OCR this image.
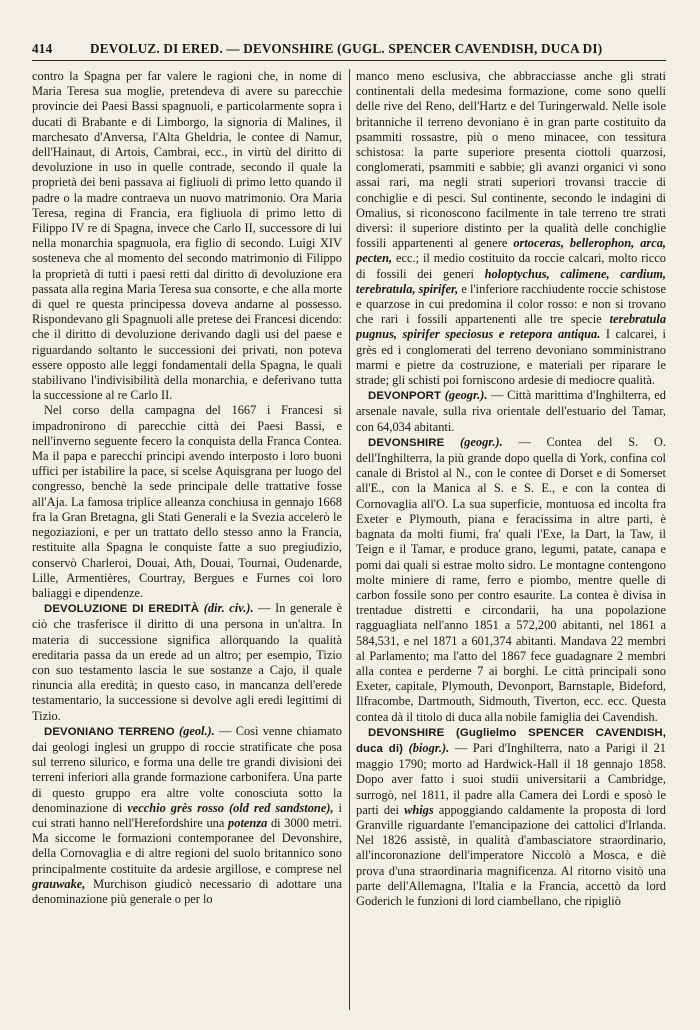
414	DEVOLUZ. DI ERED. — DEVONSHIRE (GUGL. SPENCER CAVENDISH, DUCA DI)

contro la Spagna per far valere le ragioni che, in nome di Maria Teresa sua moglie, pretendeva di avere su parecchie provincie dei Paesi Bassi spagnuoli, e particolarmente sopra i ducati di Brabante e di Limborgo, la signoria di Malines, il marchesato d'Anversa, l'Alta Gheldria, le contee di Namur, dell'Hainaut, di Artois, Cambrai, ecc., in virtù del diritto di devoluzione in uso in quelle contrade, secondo il quale la proprietà dei beni passava ai figliuoli di primo letto quando il padre o la madre contraeva un nuovo matrimonio. Ora Maria Teresa, regina di Francia, era figliuola di primo letto di Filippo IV re di Spagna, invece che Carlo II, successore di lui nella monarchia spagnuola, era figlio di secondo. Luigi XIV sosteneva che al momento del secondo matrimonio di Filippo la proprietà di tutti i paesi retti dal diritto di devoluzione era passata alla regina Maria Teresa sua consorte, e che alla morte di quel re questa principessa doveva andarne al possesso. Rispondevano gli Spagnuoli alle pretese dei Francesi dicendo: che il diritto di devoluzione derivando dagli usi del paese e riguardando soltanto le successioni dei privati, non poteva essere opposto alle leggi fondamentali della Spagna, le quali stabilivano l'indivisibilità della monarchia, e deferivano tutta la successione al re Carlo II.

Nel corso della campagna del 1667 i Francesi si impadronirono di parecchie città dei Paesi Bassi, e nell'inverno seguente fecero la conquista della Franca Contea. Ma il papa e parecchi principi avendo interposto i loro buoni uffici per istabilire la pace, si scelse Aquisgrana per luogo del congresso, benchè la sede principale delle trattative fosse all'Aja. La famosa triplice alleanza conchiusa in gennajo 1668 fra la Gran Bretagna, gli Stati Generali e la Svezia accelerò le negoziazioni, e per un trattato dello stesso anno la Francia, restituite alla Spagna le conquiste fatte a suo pregiudizio, conservò Charleroi, Douai, Ath, Douai, Tournai, Oudenarde, Lille, Armentières, Courtray, Bergues e Furnes coi loro baliaggi e dipendenze.

DEVOLUZIONE DI EREDITÀ (dir. civ.). — In generale è ciò che trasferisce il diritto di una persona in un'altra. In materia di successione significa allorquando la qualità ereditaria passa da un erede ad un altro; per esempio, Tizio con suo testamento lascia le sue sostanze a Cajo, il quale rinuncia alla eredità; in questo caso, in mancanza dell'erede testamentario, la successione si devolve agli eredi legittimi di Tizio.

DEVONIANO TERRENO (geol.). — Così venne chiamato dai geologi inglesi un gruppo di roccie stratificate che posa sul terreno silurico, e forma una delle tre grandi divisioni dei terreni inferiori alla grande formazione carbonifera. Una parte di questo gruppo era altre volte conosciuta sotto la denominazione di vecchio grès rosso (old red sandstone), i cui strati hanno nell'Herefordshire una potenza di 3000 metri. Ma siccome le formazioni contemporanee del Devonshire, della Cornovaglia e di altre regioni del suolo britannico sono principalmente costituite da ardesie argillose, e comprese nel grauwake, Murchison giudicò necessario di adottare una denominazione più generale o per lo

manco meno esclusiva, che abbracciasse anche gli strati continentali della medesima formazione, come sono quelli delle rive del Reno, dell'Hartz e del Turingerwald. Nelle isole britanniche il terreno devoniano è in gran parte costituito da psammiti rossastre, più o meno minacee, con tessitura schistosa: la parte superiore presenta ciottoli quarzosi, conglomerati, psammiti e sabbie; gli avanzi organici vi sono assai rari, ma negli strati superiori trovansi traccie di conchiglie e di pesci. Sul continente, secondo le indagini di Omalius, si riconoscono facilmente in tale terreno tre strati diversi: il superiore distinto per la qualità delle conchiglie fossili appartenenti al genere ortoceras, bellerophon, arca, pecten, ecc.; il medio costituito da roccie calcari, molto ricco di fossili dei generi holoptychus, calimene, cardium, terebratula, spirifer, e l'inferiore racchiudente roccie schistose e quarzose in cui predomina il color rosso: e non si trovano che rari i fossili appartenenti alle tre specie terebratula pugnus, spirifer speciosus e retepora antiqua. I calcarei, i grès ed i conglomerati del terreno devoniano somministrano marmi e pietre da costruzione, e materiali per riparare le strade; gli schisti poi forniscono ardesie di mediocre qualità.

DEVONPORT (geogr.). — Città marittima d'Inghilterra, ed arsenale navale, sulla riva orientale dell'estuario del Tamar, con 64,034 abitanti.

DEVONSHIRE (geogr.). — Contea del S. O. dell'Inghilterra, la più grande dopo quella di York, confina col canale di Bristol al N., con le contee di Dorset e di Somerset all'E., con la Manica al S. e S. E., e con la contea di Cornovaglia all'O. La sua superficie, montuosa ed incolta fra Exeter e Plymouth, piana e feracissima in altre parti, è bagnata da molti fiumi, fra' quali l'Exe, la Dart, la Taw, il Teign e il Tamar, e produce grano, legumi, patate, canapa e pomi dai quali si estrae molto sidro. Le montagne contengono molte miniere di rame, ferro e piombo, mentre quelle di carbon fossile sono per contro esaurite. La contea è divisa in trentadue distretti e circondarii, ha una popolazione ragguagliata nell'anno 1851 a 572,200 abitanti, nel 1861 a 584,531, e nel 1871 a 601,374 abitanti. Mandava 22 membri al Parlamento; ma l'atto del 1867 fece guadagnare 2 membri alla contea e perderne 7 ai borghi. Le città principali sono Exeter, capitale, Plymouth, Devonport, Barnstaple, Bideford, Ilfracombe, Dartmouth, Sidmouth, Tiverton, ecc. ecc. Questa contea dà il titolo di duca alla nobile famiglia dei Cavendish.

DEVONSHIRE (Guglielmo SPENCER CAVENDISH, duca di) (biogr.). — Pari d'Inghilterra, nato a Parigi il 21 maggio 1790; morto ad Hardwick-Hall il 18 gennajo 1858. Dopo aver fatto i suoi studii universitarii a Cambridge, surrogò, nel 1811, il padre alla Camera dei Lordi e sposò le parti dei whigs appoggiando caldamente la proposta di lord Granville riguardante l'emancipazione dei cattolici d'Irlanda. Nel 1826 assistè, in qualità d'ambasciatore straordinario, all'incoronazione dell'imperatore Niccolò a Mosca, e diè prova d'una straordinaria magnificenza. Al ritorno visitò una parte dell'Allemagna, l'Italia e la Francia, accettò da lord Goderich le funzioni di lord ciambellano, che ripigliò
